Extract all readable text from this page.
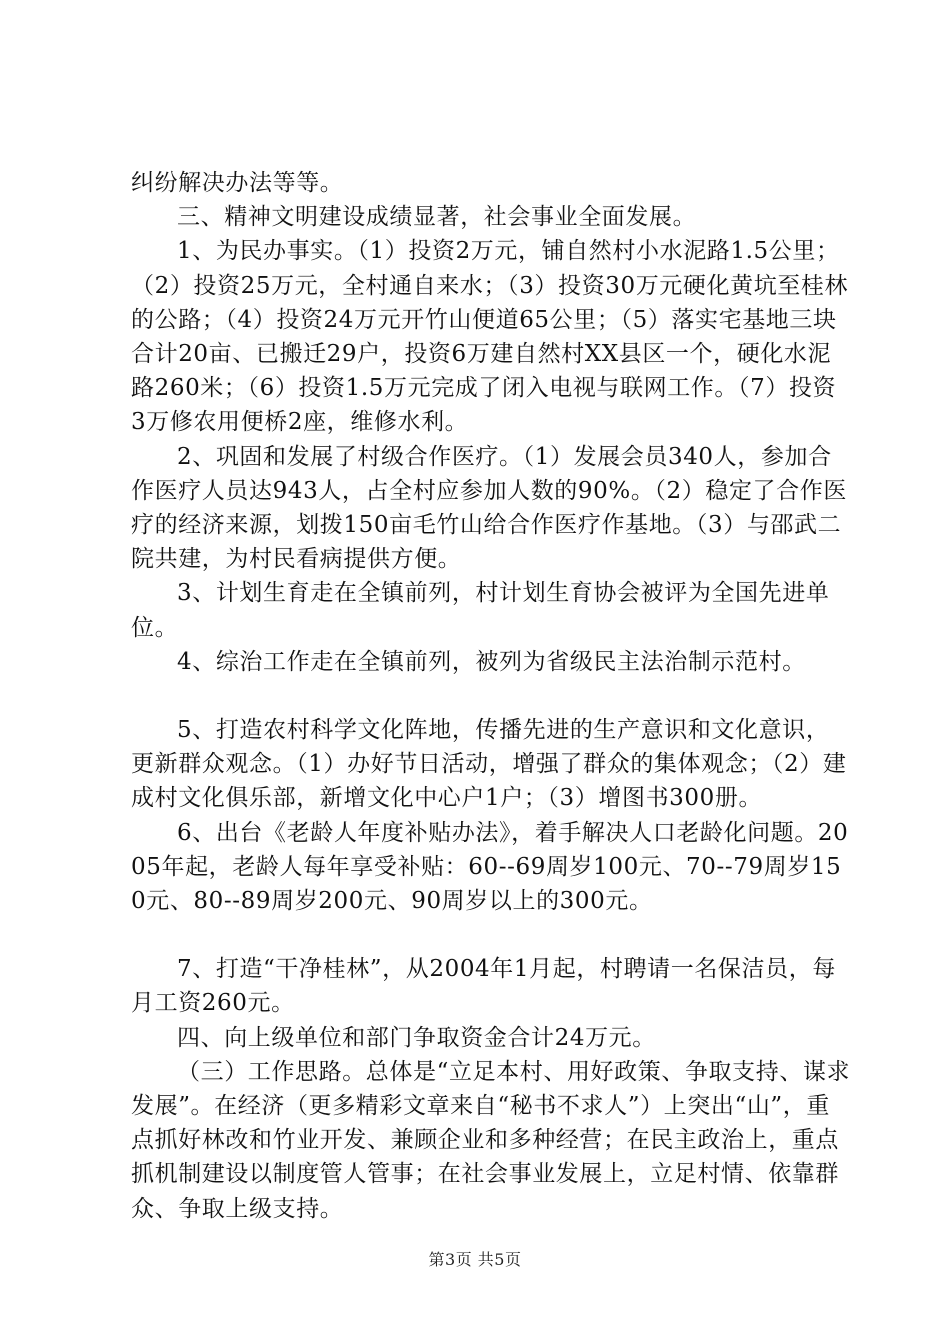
纠纷解决办法等等。

三、精神文明建设成绩显著，社会事业全面发展。

1、为民办事实。（1）投资2万元，铺自然村小水泥路1.5公里；（2）投资25万元，全村通自来水；（3）投资30万元硬化黄坑至桂林的公路；（4）投资24万元开竹山便道65公里；（5）落实宅基地三块合计20亩、已搬迁29户，投资6万建自然村XX县区一个，硬化水泥路260米；（6）投资1.5万元完成了闭入电视与联网工作。（7）投资3万修农用便桥2座，维修水利。

2、巩固和发展了村级合作医疗。（1）发展会员340人，参加合作医疗人员达943人，占全村应参加人数的90%。（2）稳定了合作医疗的经济来源，划拨150亩毛竹山给合作医疗作基地。（3）与邵武二院共建，为村民看病提供方便。

3、计划生育走在全镇前列，村计划生育协会被评为全国先进单位。

4、综治工作走在全镇前列，被列为省级民主法治制示范村。

5、打造农村科学文化阵地，传播先进的生产意识和文化意识，更新群众观念。（1）办好节日活动，增强了群众的集体观念；（2）建成村文化俱乐部，新增文化中心户1户；（3）增图书300册。

6、出台《老龄人年度补贴办法》，着手解决人口老龄化问题。2005年起，老龄人每年享受补贴：60--69周岁100元、70--79周岁150元、80--89周岁200元、90周岁以上的300元。

7、打造“干净桂林”，从2004年1月起，村聘请一名保洁员，每月工资260元。

四、向上级单位和部门争取资金合计24万元。

（三）工作思路。总体是“立足本村、用好政策、争取支持、谋求发展”。在经济（更多精彩文章来自“秘书不求人”）上突出“山”，重点抓好林改和竹业开发、兼顾企业和多种经营；在民主政治上，重点抓机制建设以制度管人管事；在社会事业发展上，立足村情、依靠群众、争取上级支持。

第3页 共5页
